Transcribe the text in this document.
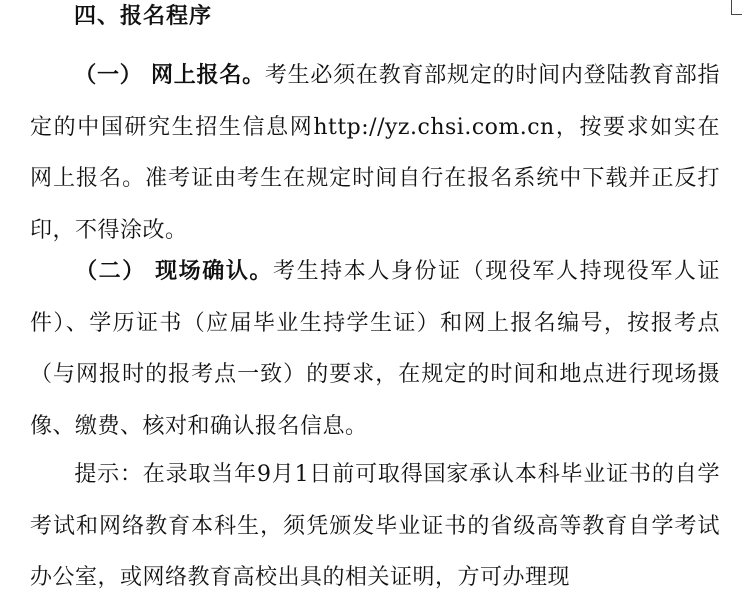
四、报名程序
（一） 网上报名。考生必须在教育部规定的时间内登陆教育部指定的中国研究生招生信息网http://yz.chsi.com.cn，按要求如实在网上报名。准考证由考生在规定时间自行在报名系统中下载并正反打印，不得涂改。
（二） 现场确认。考生持本人身份证（现役军人持现役军人证件）、学历证书（应届毕业生持学生证）和网上报名编号，按报考点（与网报时的报考点一致）的要求，在规定的时间和地点进行现场摄像、缴费、核对和确认报名信息。
提示：在录取当年9月1日前可取得国家承认本科毕业证书的自学考试和网络教育本科生，须凭颁发毕业证书的省级高等教育自学考试办公室，或网络教育高校出具的相关证明，方可办理现
